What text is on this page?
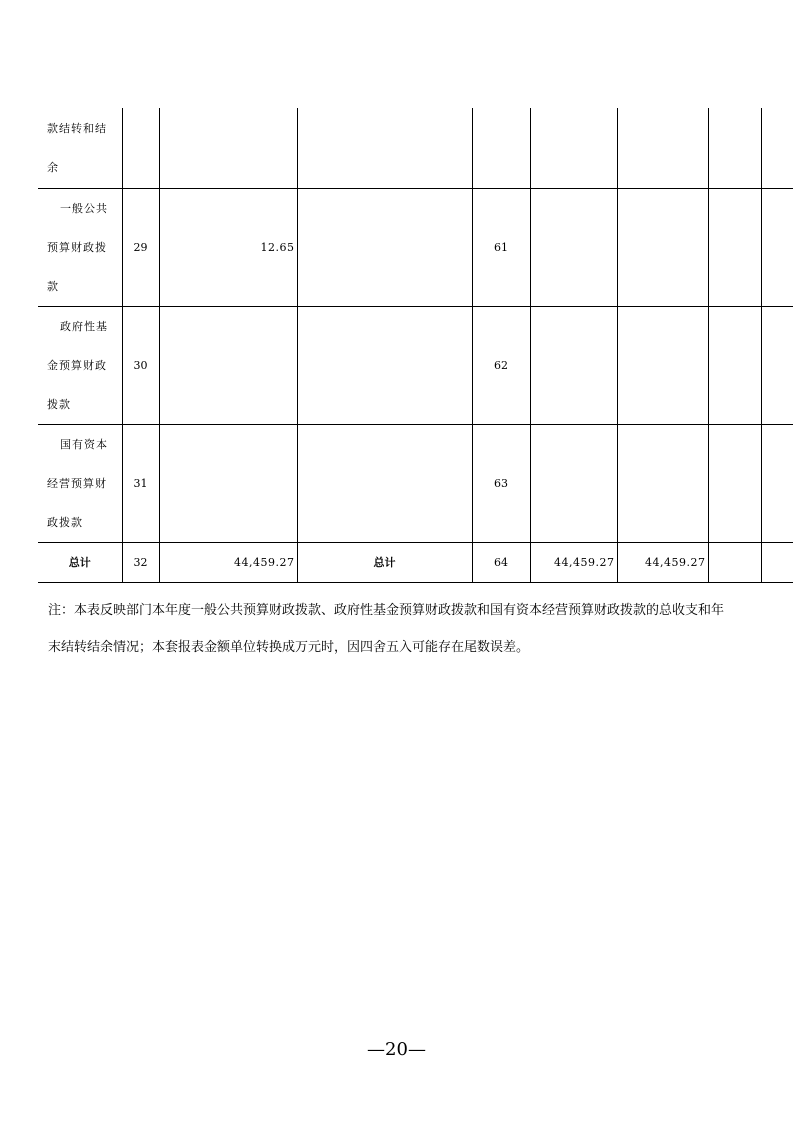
款结转和结
余								

一般公共
预算财政拨
款	29	12.65		61				

政府性基
金预算财政
拨款	30			62				

国有资本
经营预算财
政拨款	31			63				
总计	32	44,459.27	总计	64	44,459.27	44,459.27		
注：本表反映部门本年度一般公共预算财政拨款、政府性基金预算财政拨款和国有资本经营预算财政拨款的总收支和年
末结转结余情况；本套报表金额单位转换成万元时，因四舍五入可能存在尾数误差。
—20—
